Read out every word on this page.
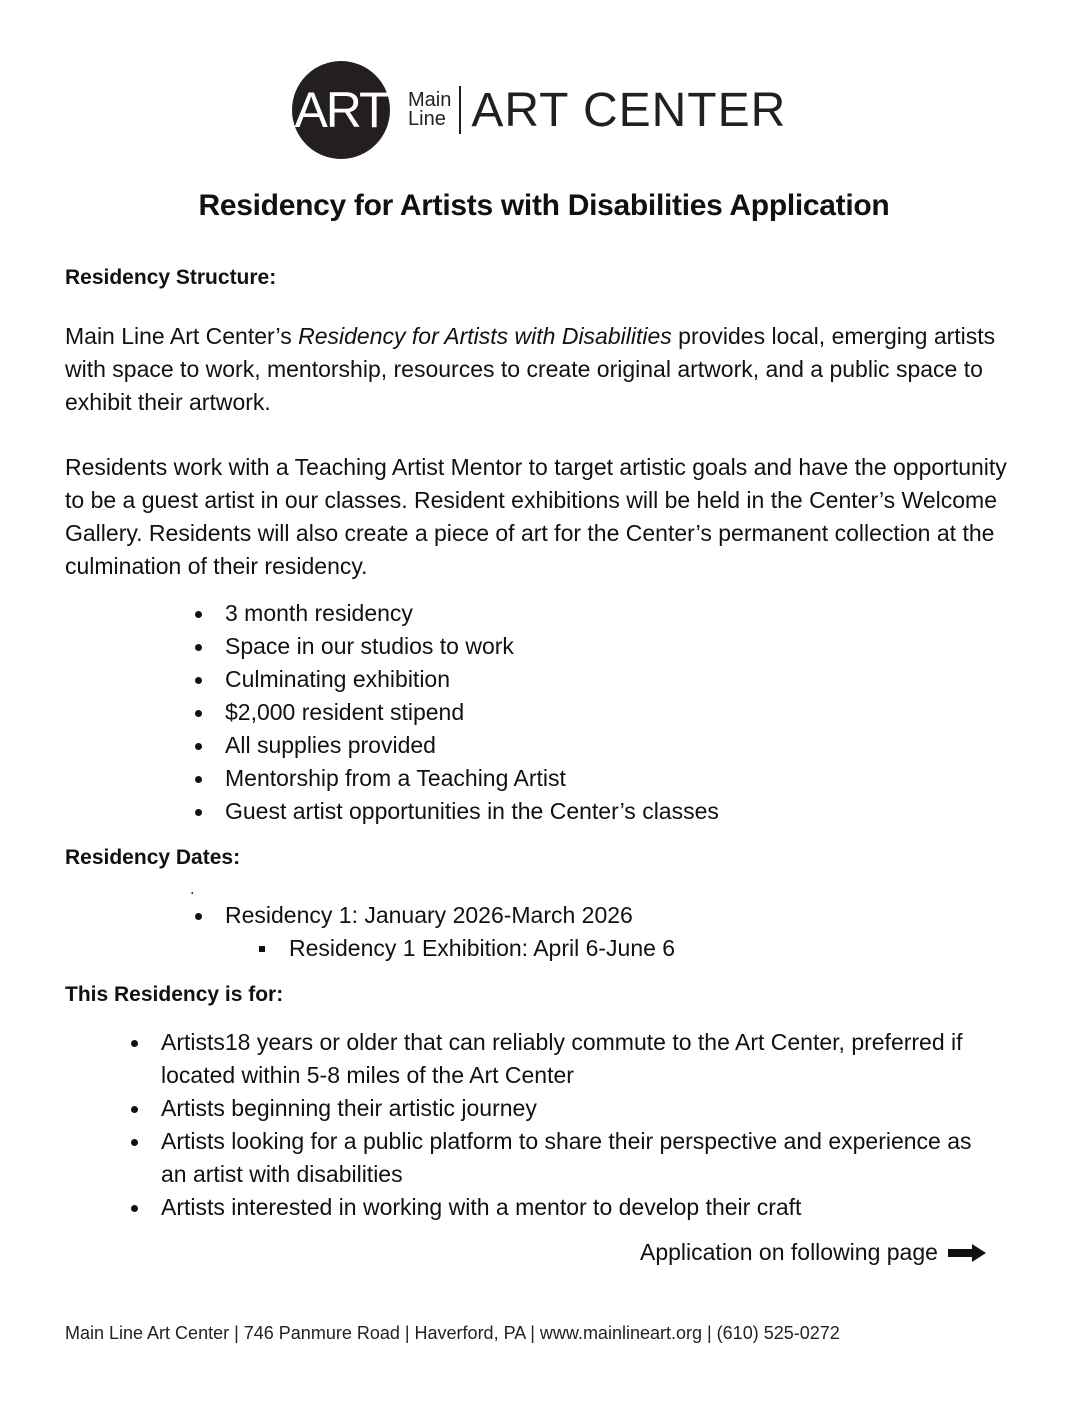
ART Main
Line ART CENTER
Residency for Artists with Disabilities Application
Residency Structure:
Main Line Art Center’s Residency for Artists with Disabilities provides local, emerging artists with space to work, mentorship, resources to create original artwork, and a public space to exhibit their artwork.
Residents work with a Teaching Artist Mentor to target artistic goals and have the opportunity to be a guest artist in our classes. Resident exhibitions will be held in the Center’s Welcome Gallery. Residents will also create a piece of art for the Center’s permanent collection at the culmination of their residency.
3 month residency
Space in our studios to work
Culminating exhibition
$2,000 resident stipend
All supplies provided
Mentorship from a Teaching Artist
Guest artist opportunities in the Center’s classes
Residency Dates:
.
Residency 1: January 2026-March 2026
Residency 1 Exhibition: April 6-June 6
This Residency is for:
Artists18 years or older that can reliably commute to the Art Center, preferred if located within 5-8 miles of the Art Center
Artists beginning their artistic journey
Artists looking for a public platform to share their perspective and experience as an artist with disabilities
Artists interested in working with a mentor to develop their craft
Application on following page
Main Line Art Center | 746 Panmure Road | Haverford, PA | www.mainlineart.org | (610) 525-0272
